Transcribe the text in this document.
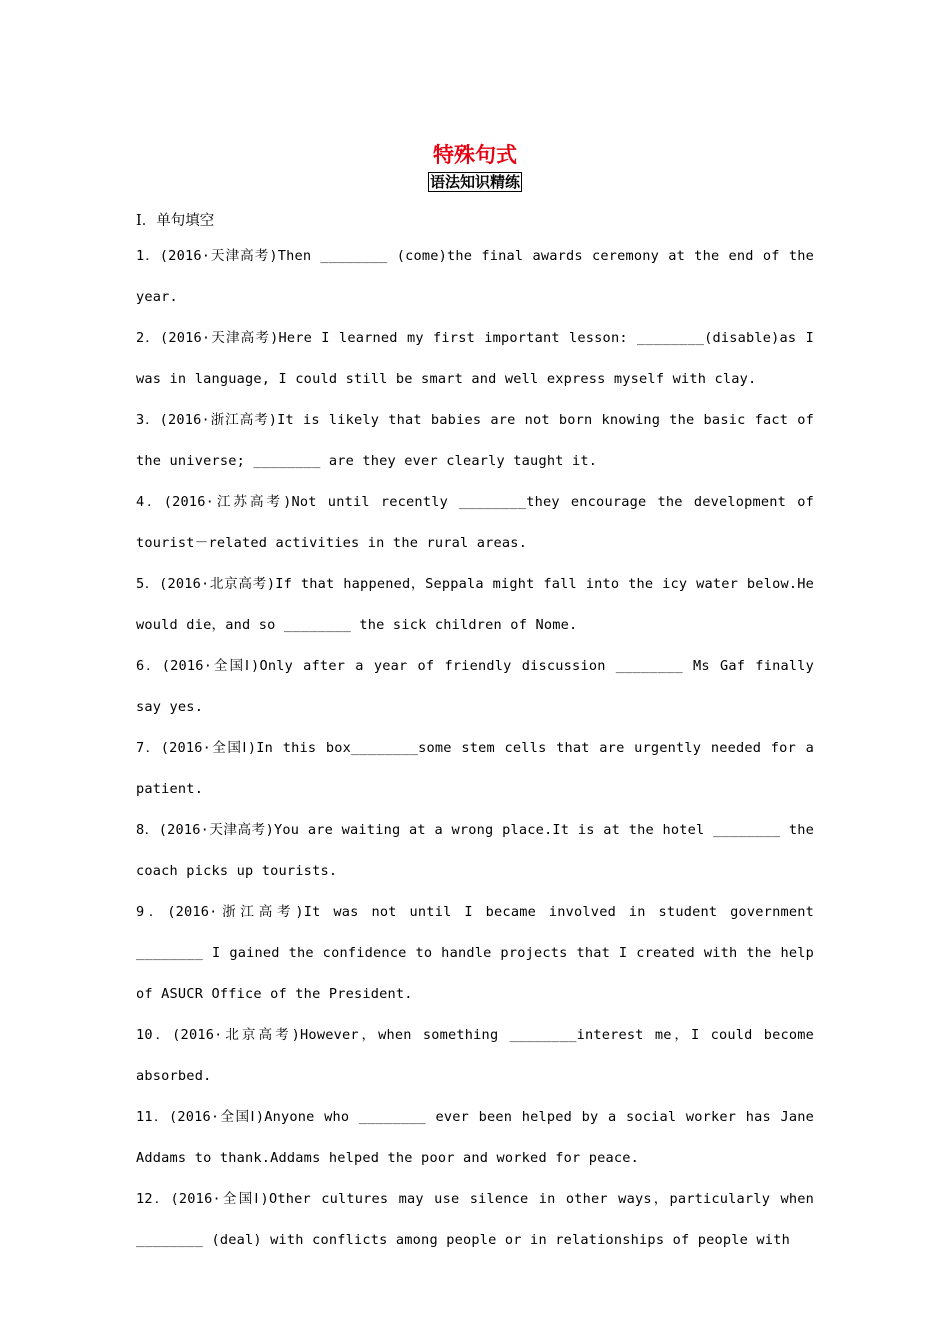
特殊句式
语法知识精练
I．单句填空

1．(2016·天津高考)Then ________ (come)the final awards ceremony at the end of the year.

2．(2016·天津高考)Here I learned my first important lesson: ________(disable)as I was in language, I could still be smart and well express myself with clay.

3．(2016·浙江高考)It is likely that babies are not born knowing the basic fact of the universe; ________ are they ever clearly taught it.

4．(2016·江苏高考)Not until recently ________they encourage the development of tourist－related activities in the rural areas.

5．(2016·北京高考)If that happened，Seppala might fall into the icy water below.He would die，and so ________ the sick children of Nome.

6．(2016·全国Ⅰ)Only after a year of friendly discussion ________ Ms Gaf finally say yes.

7．(2016·全国Ⅰ)In this box________some stem cells that are urgently needed for a patient.

8．(2016·天津高考)You are waiting at a wrong place.It is at the hotel ________ the coach picks up tourists.

9．(2016·浙江高考)It was not until I became involved in student government ________ I gained the confidence to handle projects that I created with the help of ASUCR Office of the President.

10．(2016·北京高考)However，when something ________interest me，I could become absorbed.

11．(2016·全国Ⅰ)Anyone who ________ ever been helped by a social worker has Jane Addams to thank.Addams helped the poor and worked for peace.

12．(2016·全国Ⅰ)Other cultures may use silence in other ways，particularly when ________ (deal) with conflicts among people or in relationships of people with
